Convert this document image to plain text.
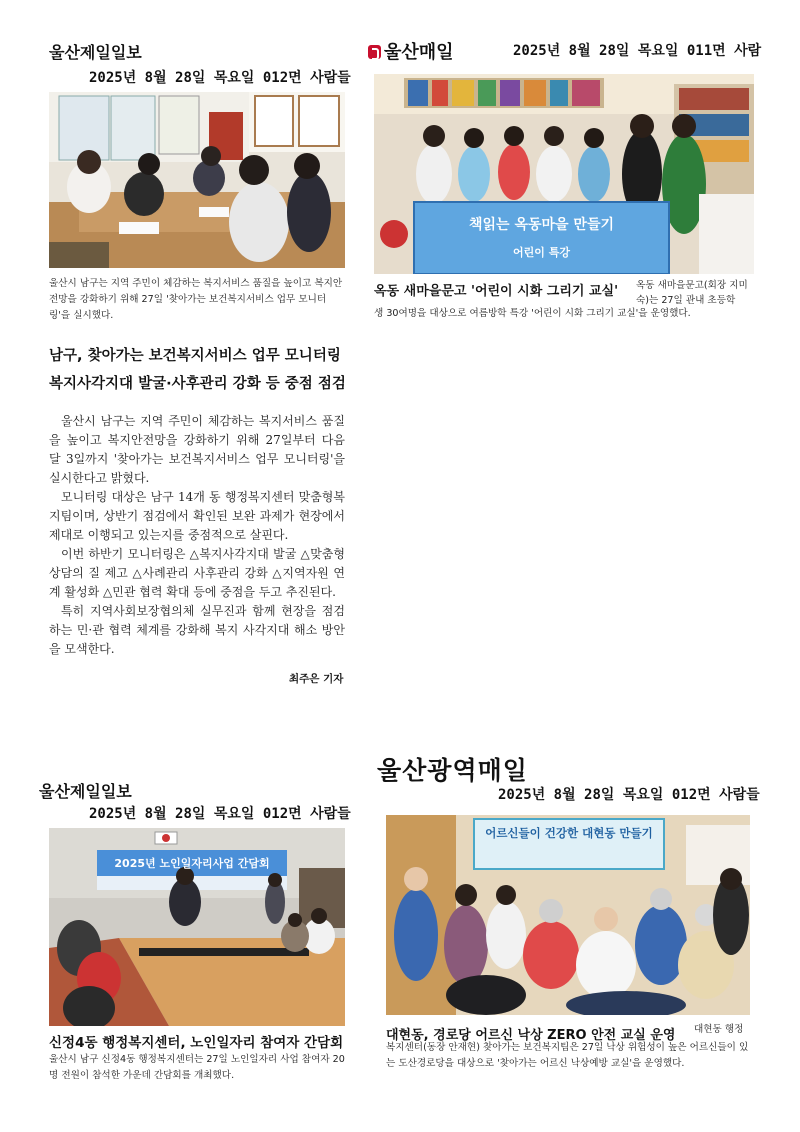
울산제일일보
2025년 8월 28일 목요일 012면 사람들
울산시 남구는 지역 주민이 체감하는 복지서비스 품질을 높이고 복지안전망을 강화하기 위해 27일 '찾아가는 보건복지서비스 업무 모니터링'을 실시했다.
남구, 찾아가는 보건복지서비스 업무 모니터링
복지사각지대 발굴·사후관리 강화 등 중점 점검

울산시 남구는 지역 주민이 체감하는 복지서비스 품질을 높이고 복지안전망을 강화하기 위해 27일부터 다음 달 3일까지 '찾아가는 보건복지서비스 업무 모니터링'을 실시한다고 밝혔다.

모니터링 대상은 남구 14개 동 행정복지센터 맞춤형복지팀이며, 상반기 점검에서 확인된 보완 과제가 현장에서 제대로 이행되고 있는지를 중점적으로 살핀다.

이번 하반기 모니터링은 △복지사각지대 발굴 △맞춤형 상담의 질 제고 △사례관리 사후관리 강화 △지역자원 연계 활성화 △민관 협력 확대 등에 중점을 두고 추진된다.

특히 지역사회보장협의체 실무진과 함께 현장을 점검하는 민·관 협력 체계를 강화해 복지 사각지대 해소 방안을 모색한다.

최주은 기자
울산매일	2025년 8월 28일 목요일 011면 사람
책읽는 옥동마을 만들기
어린이 특강
옥동 새마을문고 '어린이 시화 그리기 교실' 옥동 새마을문고(회장 지미숙)는 27일 관내 초등학
생 30여명을 대상으로 여름방학 특강 '어린이 시화 그리기 교실'을 운영했다.
울산제일일보
2025년 8월 28일 목요일 012면 사람들
2025년 노인일자리사업 간담회
신정4동 행정복지센터, 노인일자리 참여자 간담회
울산시 남구 신정4동 행정복지센터는 27일 노인일자리 사업 참여자 20명 전원이 참석한 가운데 간담회를 개최했다.
울산광역매일
2025년 8월 28일 목요일 012면 사람들
어르신들이 건강한 대현동 만들기
대현동, 경로당 어르신 낙상 ZERO 안전 교실 운영 대현동 행정
복지센터(동장 안재현) 찾아가는 보건복지팀은 27일 낙상 위험성이 높은 어르신들이 있는 도산경로당을 대상으로 '찾아가는 어르신 낙상예방 교실'을 운영했다.
